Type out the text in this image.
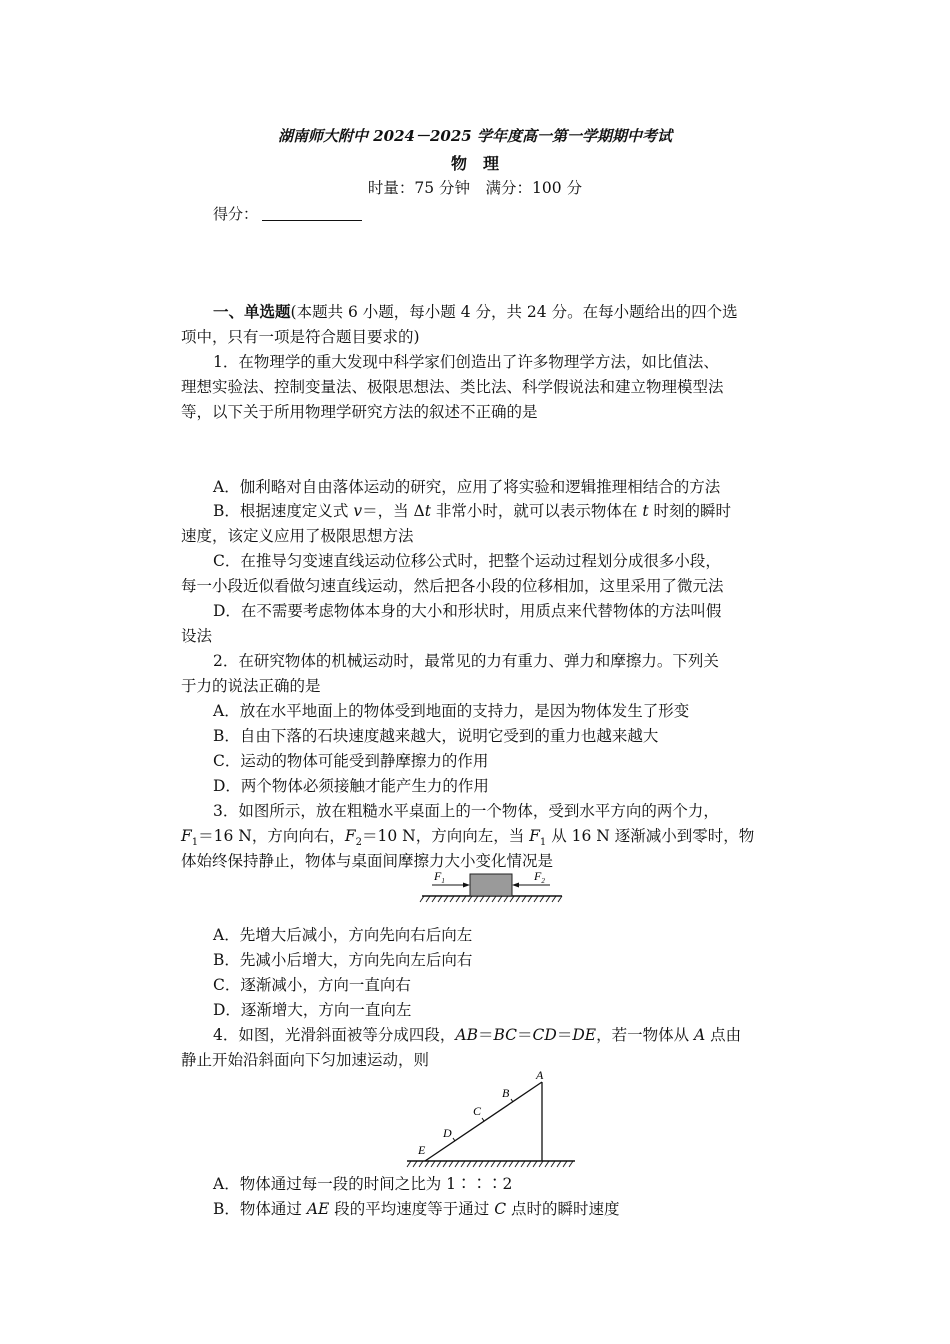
湖南师大附中 2024－2025 学年度高一第一学期期中考试
物　理
时量：75 分钟　满分：100 分
得分：
一、单选题(本题共 6 小题，每小题 4 分，共 24 分。在每小题给出的四个选
项中，只有一项是符合题目要求的)
1．在物理学的重大发现中科学家们创造出了许多物理学方法，如比值法、
理想实验法、控制变量法、极限思想法、类比法、科学假说法和建立物理模型法
等，以下关于所用物理学研究方法的叙述不正确的是
A．伽利略对自由落体运动的研究，应用了将实验和逻辑推理相结合的方法
B．根据速度定义式 v＝，当 Δt 非常小时，就可以表示物体在 t 时刻的瞬时
速度，该定义应用了极限思想方法
C．在推导匀变速直线运动位移公式时，把整个运动过程划分成很多小段，
每一小段近似看做匀速直线运动，然后把各小段的位移相加，这里采用了微元法
D．在不需要考虑物体本身的大小和形状时，用质点来代替物体的方法叫假
设法
2．在研究物体的机械运动时，最常见的力有重力、弹力和摩擦力。下列关
于力的说法正确的是
A．放在水平地面上的物体受到地面的支持力，是因为物体发生了形变
B．自由下落的石块速度越来越大，说明它受到的重力也越来越大
C．运动的物体可能受到静摩擦力的作用
D．两个物体必须接触才能产生力的作用
3．如图所示，放在粗糙水平桌面上的一个物体，受到水平方向的两个力，
$F_1=16$ N，方向向右，$F_2=10$ N，方向向左，当 $F_1$ 从 16 N 逐渐减小到零时，物
体始终保持静止，物体与桌面间摩擦力大小变化情况是
$F_1$	$F_2$
A．先增大后减小，方向先向右后向左
B．先减小后增大，方向先向左后向右
C．逐渐减小，方向一直向右
D．逐渐增大，方向一直向左
4．如图，光滑斜面被等分成四段，AB＝BC＝CD＝DE，若一物体从 A 点由
静止开始沿斜面向下匀加速运动，则
A
B
C
D
E
A．物体通过每一段的时间之比为 1∶∶∶2
B．物体通过 AE 段的平均速度等于通过 C 点时的瞬时速度
